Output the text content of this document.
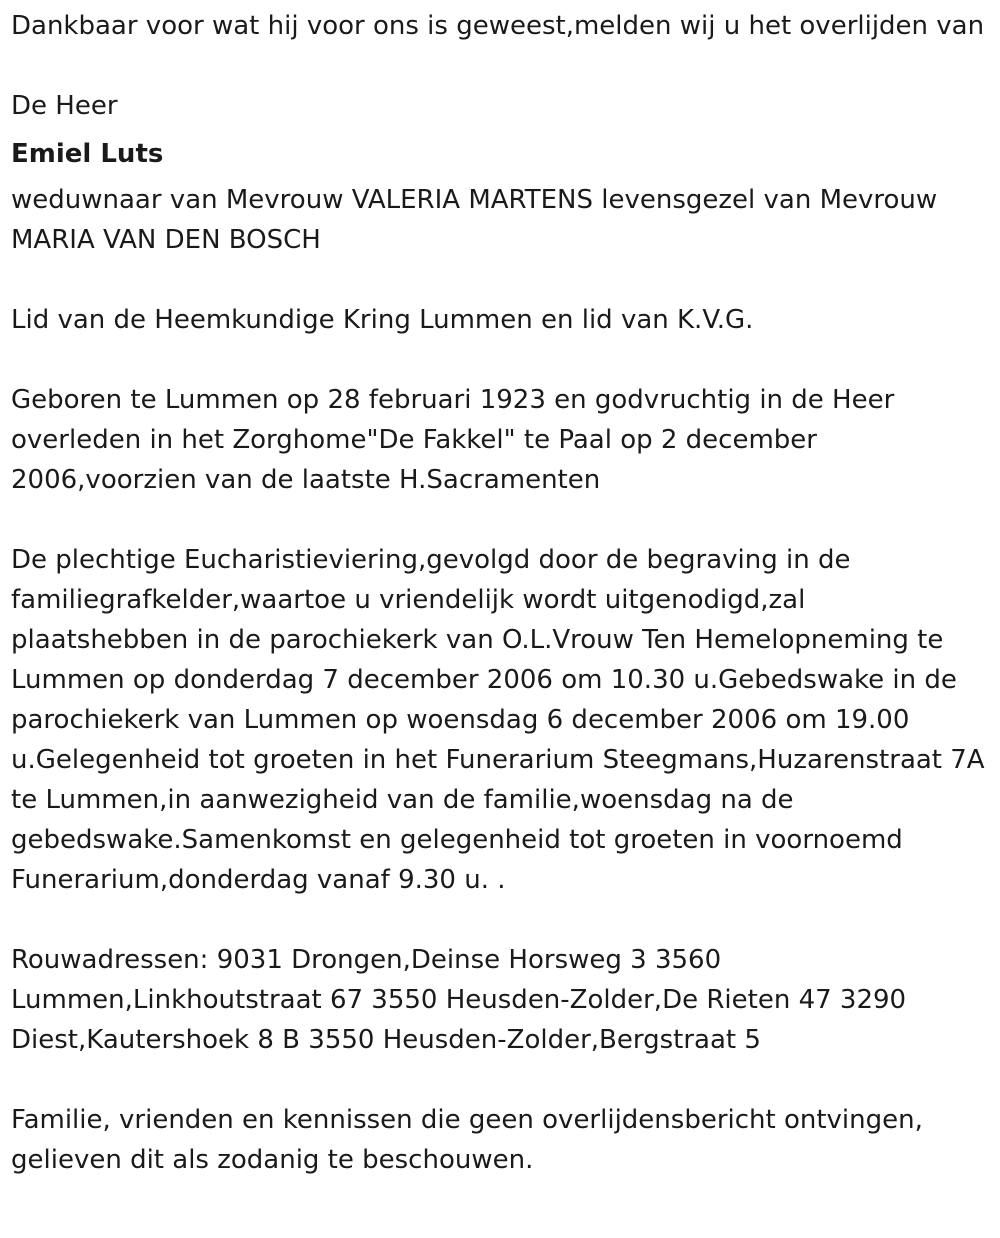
Dankbaar voor wat hij voor ons is geweest,melden wij u het overlijden van

De Heer

Emiel Luts

weduwnaar van Mevrouw VALERIA MARTENS levensgezel van Mevrouw MARIA VAN DEN BOSCH

Lid van de Heemkundige Kring Lummen en lid van K.V.G.

Geboren te Lummen op 28 februari 1923 en godvruchtig in de Heer overleden in het Zorghome"De Fakkel" te Paal op 2 december 2006,voorzien van de laatste H.Sacramenten

De plechtige Eucharistieviering,gevolgd door de begraving in de familiegrafkelder,waartoe u vriendelijk wordt uitgenodigd,zal plaatshebben in de parochiekerk van O.L.Vrouw Ten Hemelopneming te Lummen op donderdag 7 december 2006 om 10.30 u.Gebedswake in de parochiekerk van Lummen op woensdag 6 december 2006 om 19.00 u.Gelegenheid tot groeten in het Funerarium Steegmans,Huzarenstraat 7A te Lummen,in aanwezigheid van de familie,woensdag na de gebedswake.Samenkomst en gelegenheid tot groeten in voornoemd Funerarium,donderdag vanaf 9.30 u. .

Rouwadressen: 9031 Drongen,Deinse Horsweg 3 3560 Lummen,Linkhoutstraat 67 3550 Heusden-Zolder,De Rieten 47 3290 Diest,Kautershoek 8 B 3550 Heusden-Zolder,Bergstraat 5

Familie, vrienden en kennissen die geen overlijdensbericht ontvingen, gelieven dit als zodanig te beschouwen.
